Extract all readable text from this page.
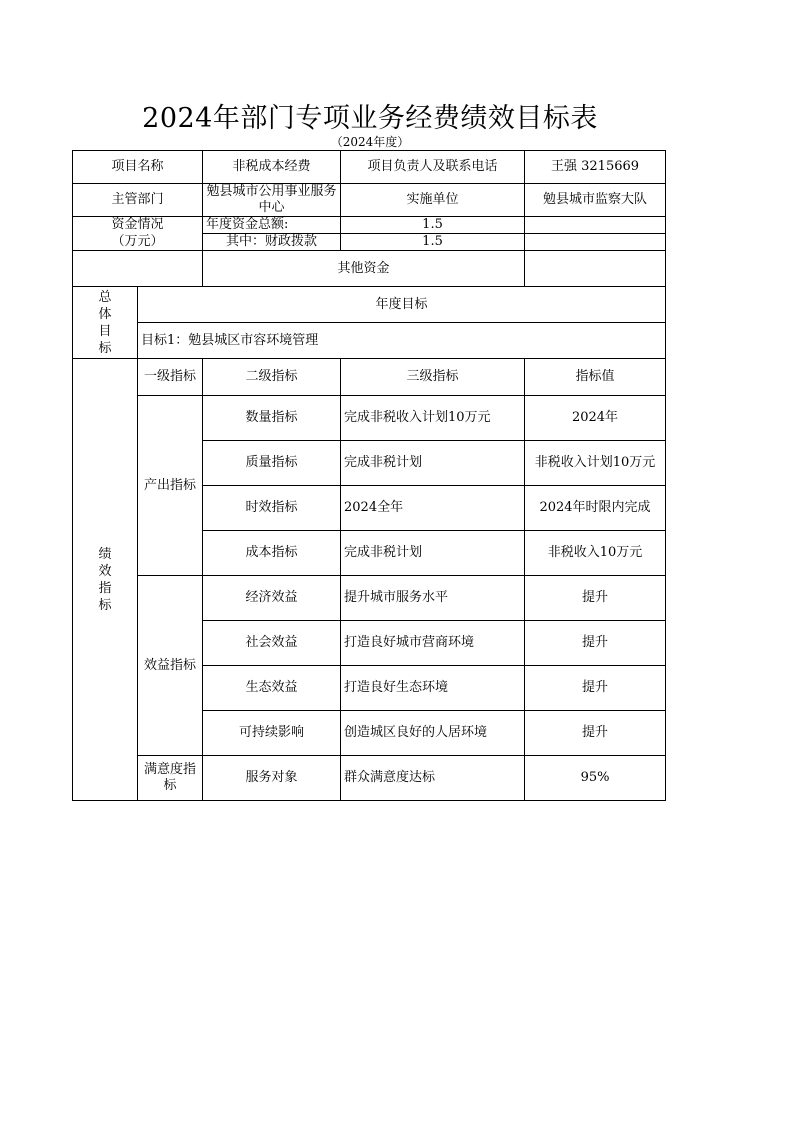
2024年部门专项业务经费绩效目标表
（2024年度）
项目名称		非税成本经费	项目负责人及联系电话	王强 3215669
主管部门		勉县城市公用事业服务中心	实施单位	勉县城市监察大队
资金情况		年度资金总额:	1.5	
（万元）		其中：财政拨款	1.5	
		其他资金		
总体目标	年度目标			
	目标1：勉县城区市容环境管理			
绩效指标	一级指标	二级指标	三级指标	指标值
	产出指标	数量指标	完成非税收入计划10万元	2024年
		质量指标	完成非税计划	非税收入计划10万元
		时效指标	2024全年	2024年时限内完成
		成本指标	完成非税计划	非税收入10万元
	效益指标	经济效益	提升城市服务水平	提升
		社会效益	打造良好城市营商环境	提升
		生态效益	打造良好生态环境	提升
		可持续影响	创造城区良好的人居环境	提升
	满意度指标	服务对象	群众满意度达标	95%
